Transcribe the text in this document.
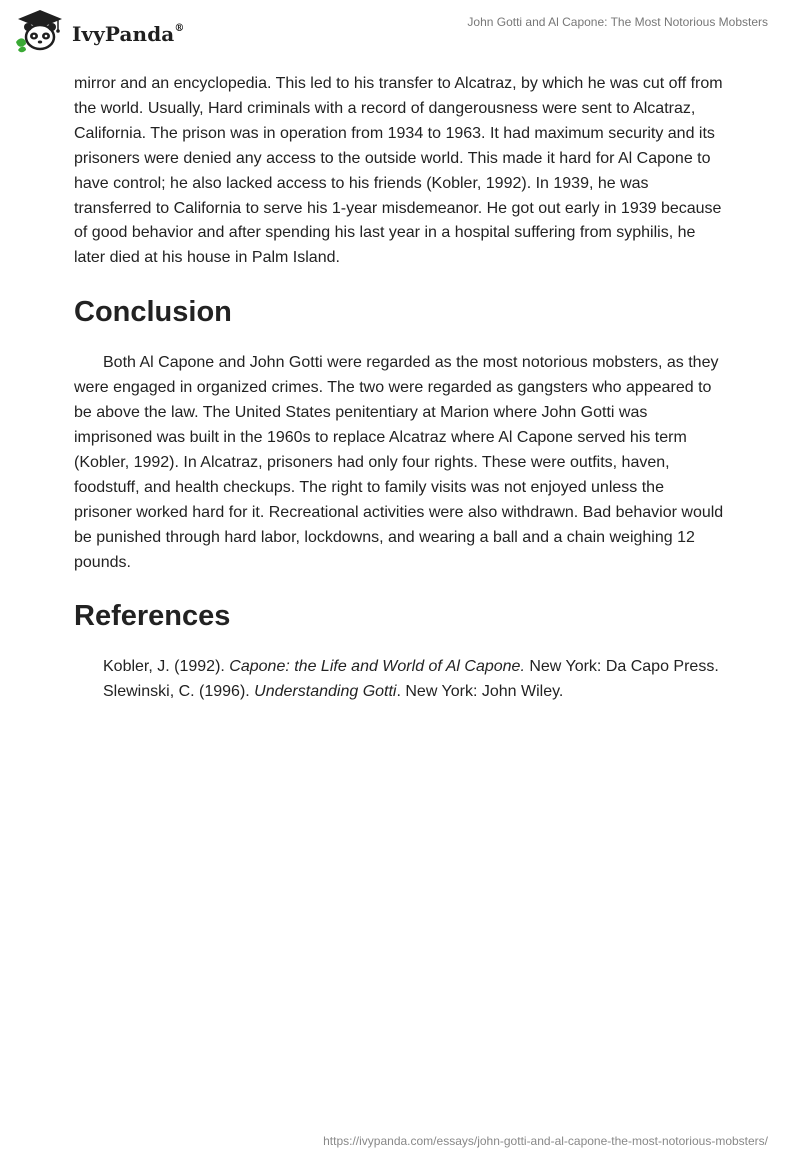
IvyPanda®	John Gotti and Al Capone: The Most Notorious Mobsters

mirror and an encyclopedia. This led to his transfer to Alcatraz, by which he was cut off from the world. Usually, Hard criminals with a record of dangerousness were sent to Alcatraz, California. The prison was in operation from 1934 to 1963. It had maximum security and its prisoners were denied any access to the outside world. This made it hard for Al Capone to have control; he also lacked access to his friends (Kobler, 1992). In 1939, he was transferred to California to serve his 1-year misdemeanor. He got out early in 1939 because of good behavior and after spending his last year in a hospital suffering from syphilis, he later died at his house in Palm Island.

Conclusion

Both Al Capone and John Gotti were regarded as the most notorious mobsters, as they were engaged in organized crimes. The two were regarded as gangsters who appeared to be above the law. The United States penitentiary at Marion where John Gotti was imprisoned was built in the 1960s to replace Alcatraz where Al Capone served his term (Kobler, 1992). In Alcatraz, prisoners had only four rights. These were outfits, haven, foodstuff, and health checkups. The right to family visits was not enjoyed unless the prisoner worked hard for it. Recreational activities were also withdrawn. Bad behavior would be punished through hard labor, lockdowns, and wearing a ball and a chain weighing 12 pounds.

References

Kobler, J. (1992). Capone: the Life and World of Al Capone. New York: Da Capo Press.

Slewinski, C. (1996). Understanding Gotti. New York: John Wiley.

https://ivypanda.com/essays/john-gotti-and-al-capone-the-most-notorious-mobsters/
